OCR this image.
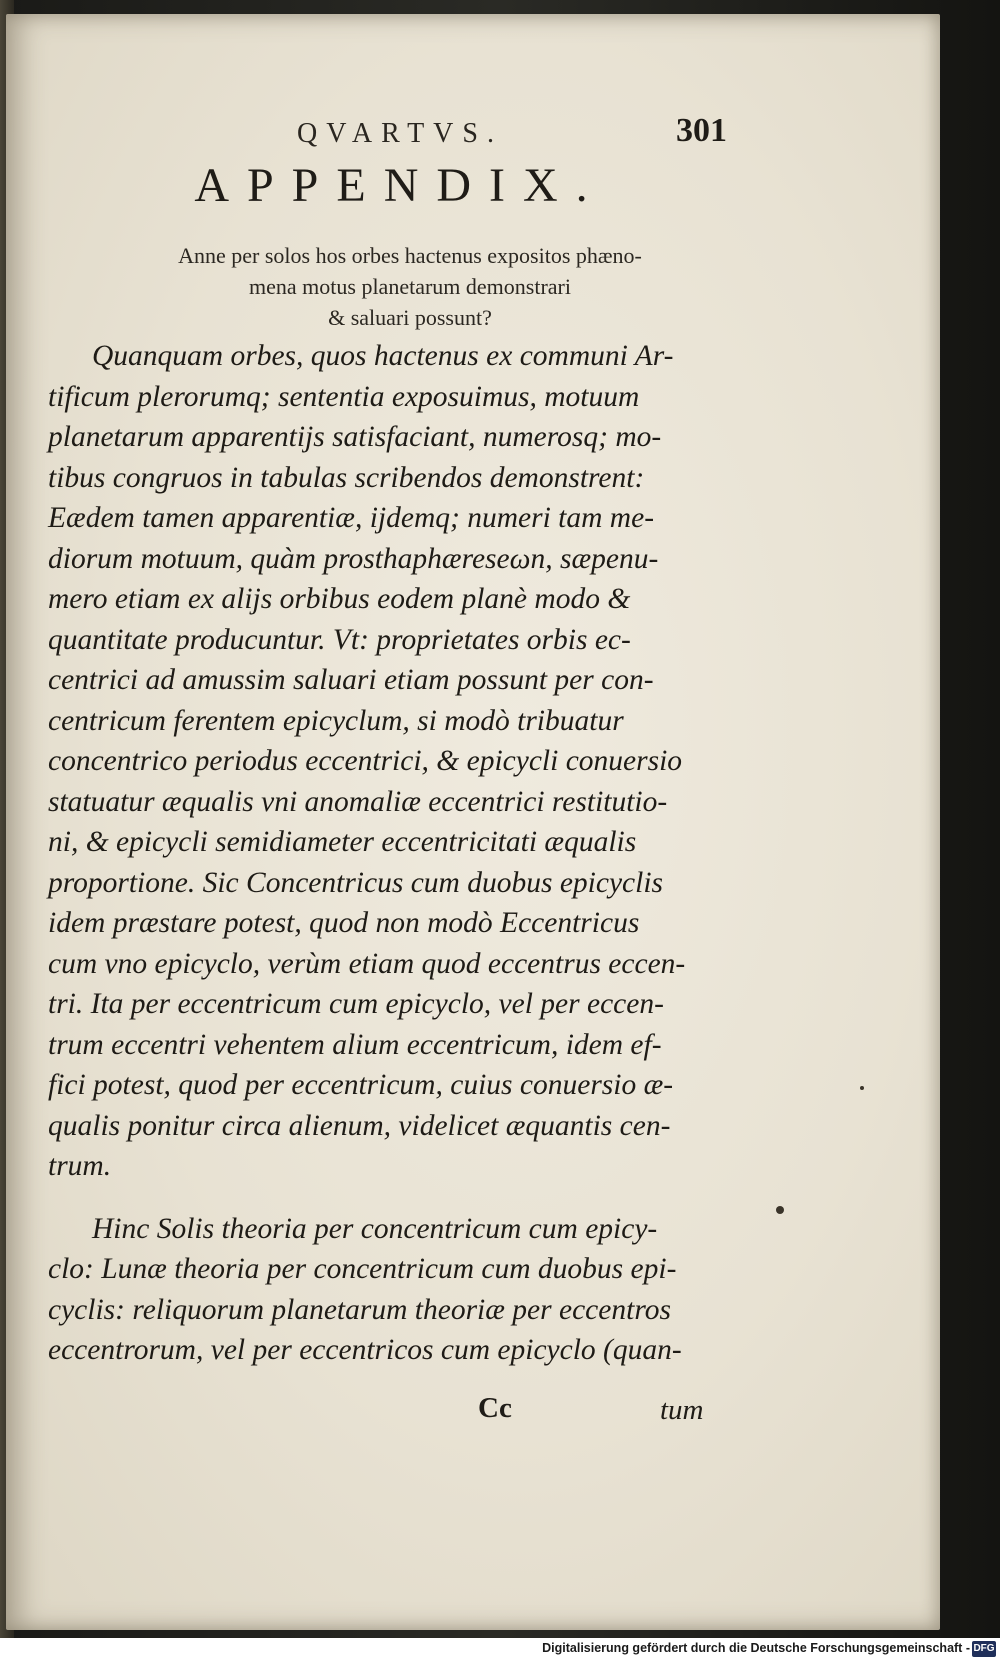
QVARTVS.	301
APPENDIX.
Anne per solos hos orbes hactenus expositos phæno-
mena motus planetarum demonstrari
& saluari possunt?
Quanquam orbes, quos hactenus ex communi Ar-
tificum plerorumq; sententia exposuimus, motuum
planetarum apparentijs satisfaciant, numerosq; mo-
tibus congruos in tabulas scribendos demonstrent:
Eædem tamen apparentiæ, ijdemq; numeri tam me-
diorum motuum, quàm prosthaphæreseωn, sæpenu-
mero etiam ex alijs orbibus eodem planè modo &
quantitate producuntur. Vt: proprietates orbis ec-
centrici ad amussim saluari etiam possunt per con-
centricum ferentem epicyclum, si modò tribuatur
concentrico periodus eccentrici, & epicycli conuersio
statuatur æqualis vni anomaliæ eccentrici restitutio-
ni, & epicycli semidiameter eccentricitati æqualis
proportione. Sic Concentricus cum duobus epicyclis
idem præstare potest, quod non modò Eccentricus
cum vno epicyclo, verùm etiam quod eccentrus eccen-
tri. Ita per eccentricum cum epicyclo, vel per eccen-
trum eccentri vehentem alium eccentricum, idem ef-
fici potest, quod per eccentricum, cuius conuersio æ-
qualis ponitur circa alienum, videlicet æquantis cen-
trum.
Hinc Solis theoria per concentricum cum epicy-
clo: Lunæ theoria per concentricum cum duobus epi-
cyclis: reliquorum planetarum theoriæ per eccentros
eccentrorum, vel per eccentricos cum epicyclo (quan-
Cc	tum
Digitalisierung gefördert durch die Deutsche Forschungsgemeinschaft - DFG
